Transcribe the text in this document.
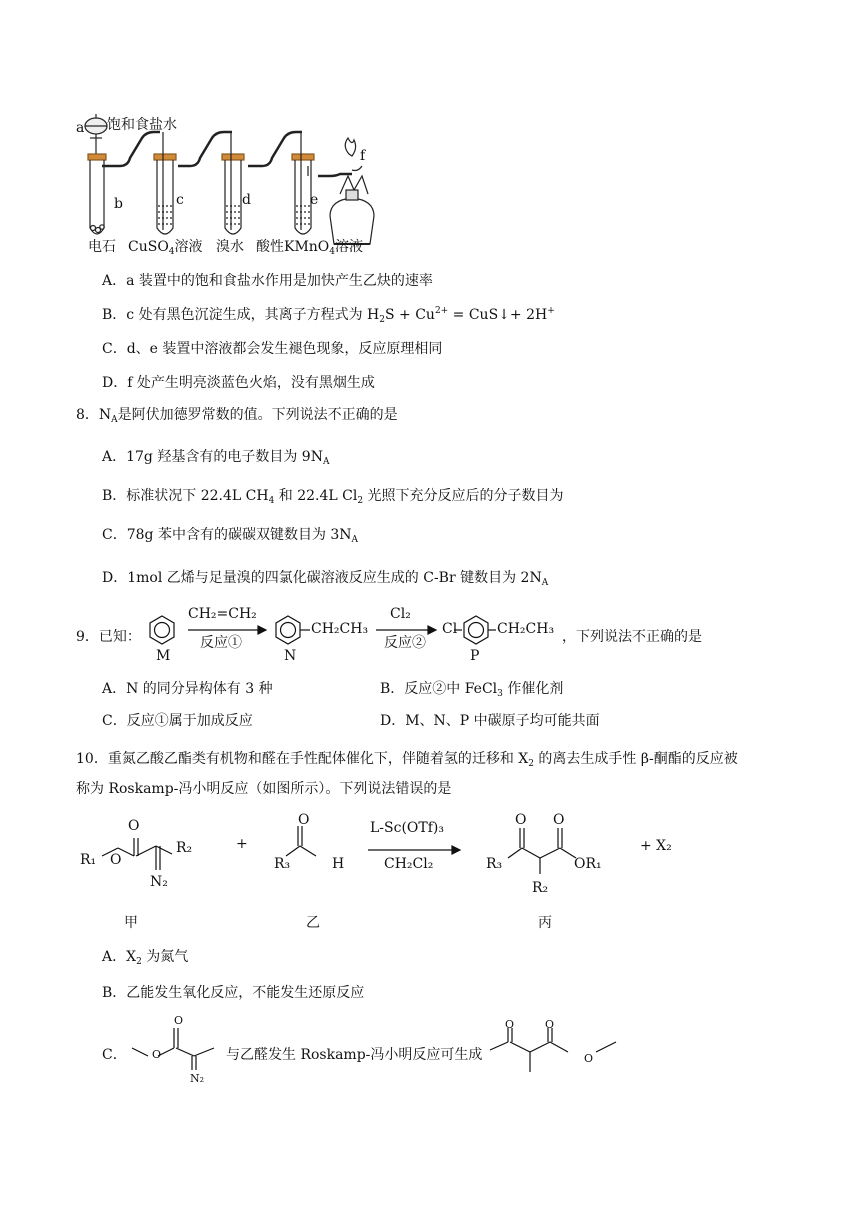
a 饱和食盐水
b	c	d	e
f
电石 CuSO$_4$溶液 溴水 酸性KMnO$_4$溶液
A．a 装置中的饱和食盐水作用是加快产生乙炔的速率
B．c 处有黑色沉淀生成，其离子方程式为 $H_2S + Cu^{2+}$ = CuS↓+ 2H+
C．d、e 装置中溶液都会发生褪色现象，反应原理相同
D．f 处产生明亮淡蓝色火焰，没有黑烟生成
8．$N_A$是阿伏加德罗常数的值。下列说法不正确的是
A．17g 羟基含有的电子数目为 $9N_A$
B．标准状况下 22.4L $CH_4$ 和 22.4L $Cl_2$ 光照下充分反应后的分子数目为
C．78g 苯中含有的碳碳双键数目为 $3N_A$
D．1mol 乙烯与足量溴的四氯化碳溶液反应生成的 C-Br 键数目为 $2N_A$
9．已知：
CH₂=CH₂
反应①
CH₂CH₃
Cl₂
反应②
Cl	CH₂CH₃
M	N	P
，下列说法不正确的是
A．N 的同分异构体有 3 种	B．反应②中 FeCl$_3$ 作催化剂
C．反应①属于加成反应	D．M、N、P 中碳原子均可能共面
10．重氮乙酸乙酯类有机物和醛在手性配体催化下，伴随着氢的迁移和 $X_2$ 的离去生成手性 β-酮酯的反应被
称为 Roskamp-冯小明反应（如图所示）。下列说法错误的是
R₁
O
O
R₂
N₂
+
O
R₃	H
L-Sc(OTf)₃
CH₂Cl₂
O O
R₃	OR₁
R₂
+ X₂
甲	乙	丙
A．$X_2$ 为氮气
B．乙能发生氧化反应，不能发生还原反应
C． O
O
N₂
与乙醛发生 Roskamp-冯小明反应可生成
O	O
O
